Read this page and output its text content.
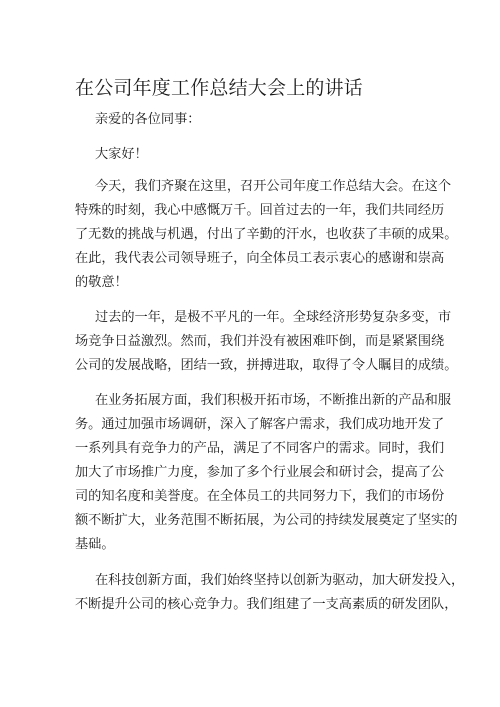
在公司年度工作总结大会上的讲话
亲爱的各位同事：
大家好！
今天，我们齐聚在这里，召开公司年度工作总结大会。在这个
特殊的时刻，我心中感慨万千。回首过去的一年，我们共同经历
了无数的挑战与机遇，付出了辛勤的汗水，也收获了丰硕的成果。
在此，我代表公司领导班子，向全体员工表示衷心的感谢和崇高
的敬意！
过去的一年，是极不平凡的一年。全球经济形势复杂多变，市
场竞争日益激烈。然而，我们并没有被困难吓倒，而是紧紧围绕
公司的发展战略，团结一致，拼搏进取，取得了令人瞩目的成绩。
在业务拓展方面，我们积极开拓市场，不断推出新的产品和服
务。通过加强市场调研，深入了解客户需求，我们成功地开发了
一系列具有竞争力的产品，满足了不同客户的需求。同时，我们
加大了市场推广力度，参加了多个行业展会和研讨会，提高了公
司的知名度和美誉度。在全体员工的共同努力下，我们的市场份
额不断扩大，业务范围不断拓展，为公司的持续发展奠定了坚实的
基础。
在科技创新方面，我们始终坚持以创新为驱动，加大研发投入，
不断提升公司的核心竞争力。我们组建了一支高素质的研发团队，
